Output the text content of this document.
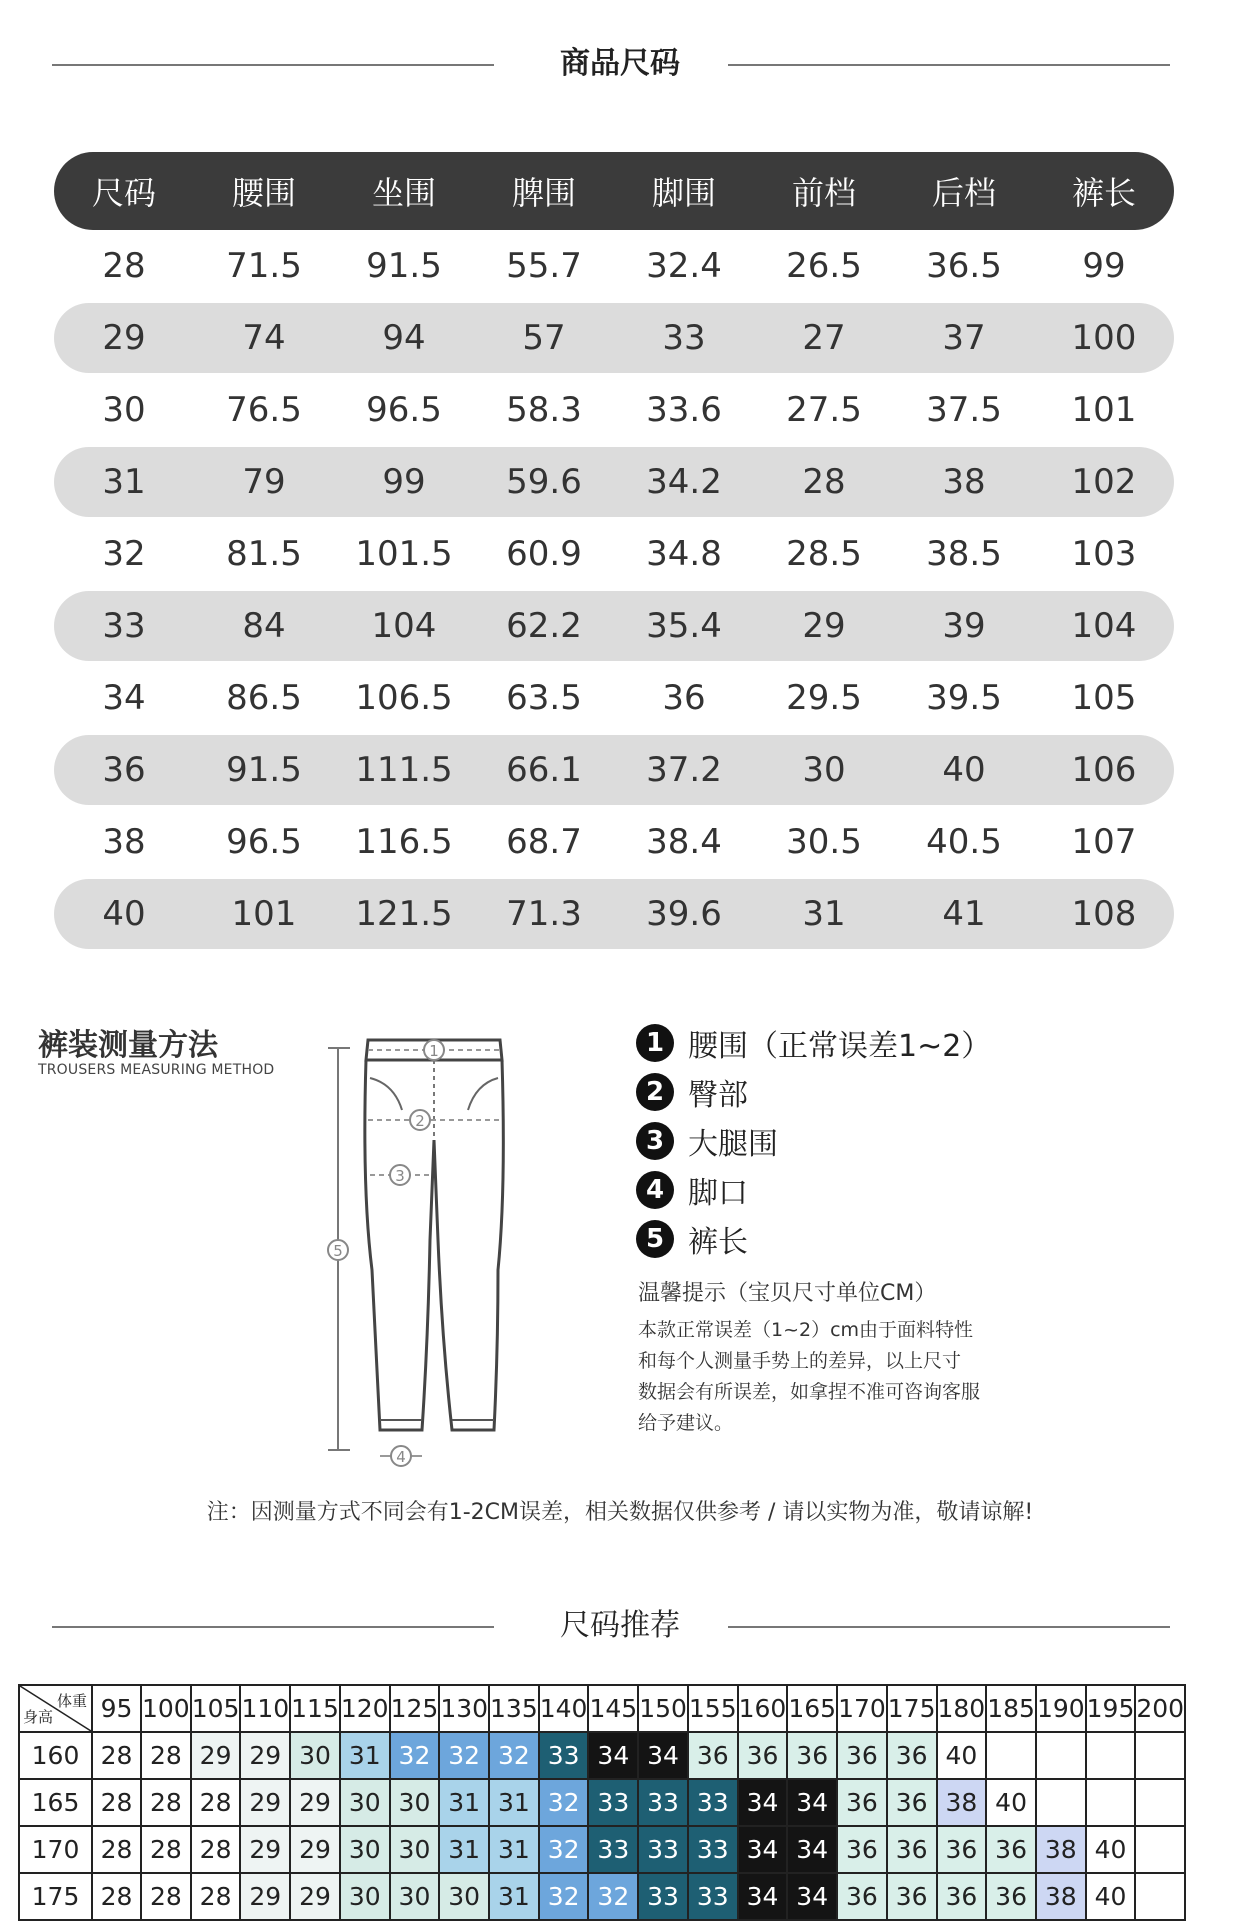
商品尺码
尺码	腰围	坐围	脾围	脚围	前档	后档	裤长
28	71.5	91.5	55.7	32.4	26.5	36.5	99
29	74	94	57	33	27	37	100
30	76.5	96.5	58.3	33.6	27.5	37.5	101
31	79	99	59.6	34.2	28	38	102
32	81.5	101.5	60.9	34.8	28.5	38.5	103
33	84	104	62.2	35.4	29	39	104
34	86.5	106.5	63.5	36	29.5	39.5	105
36	91.5	111.5	66.1	37.2	30	40	106
38	96.5	116.5	68.7	38.4	30.5	40.5	107
40	101	121.5	71.3	39.6	31	41	108
裤装测量方法
TROUSERS MEASURING METHOD
1
2
3
4
5
1 腰围（正常误差1~2）
2 臀部
3 大腿围
4 脚口
5 裤长
温馨提示（宝贝尺寸单位CM）
本款正常误差（1~2）cm由于面料特性
和每个人测量手势上的差异，以上尺寸
数据会有所误差，如拿捏不准可咨询客服
给予建议。
注：因测量方式不同会有1-2CM误差，相关数据仅供参考 / 请以实物为准，敬请谅解!
尺码推荐
体重
身高	95	100	105	110	115	120	125	130	135	140	145	150	155	160	165	170	175	180	185	190	195	200
160	28	28	29	29	30	31	32	32	32	33	34	34	36	36	36	36	36	40				
165	28	28	28	29	29	30	30	31	31	32	33	33	33	34	34	36	36	38	40			
170	28	28	28	29	29	30	30	31	31	32	33	33	33	34	34	36	36	36	36	38	40	
175	28	28	28	29	29	30	30	30	31	32	32	33	33	34	34	36	36	36	36	38	40	
